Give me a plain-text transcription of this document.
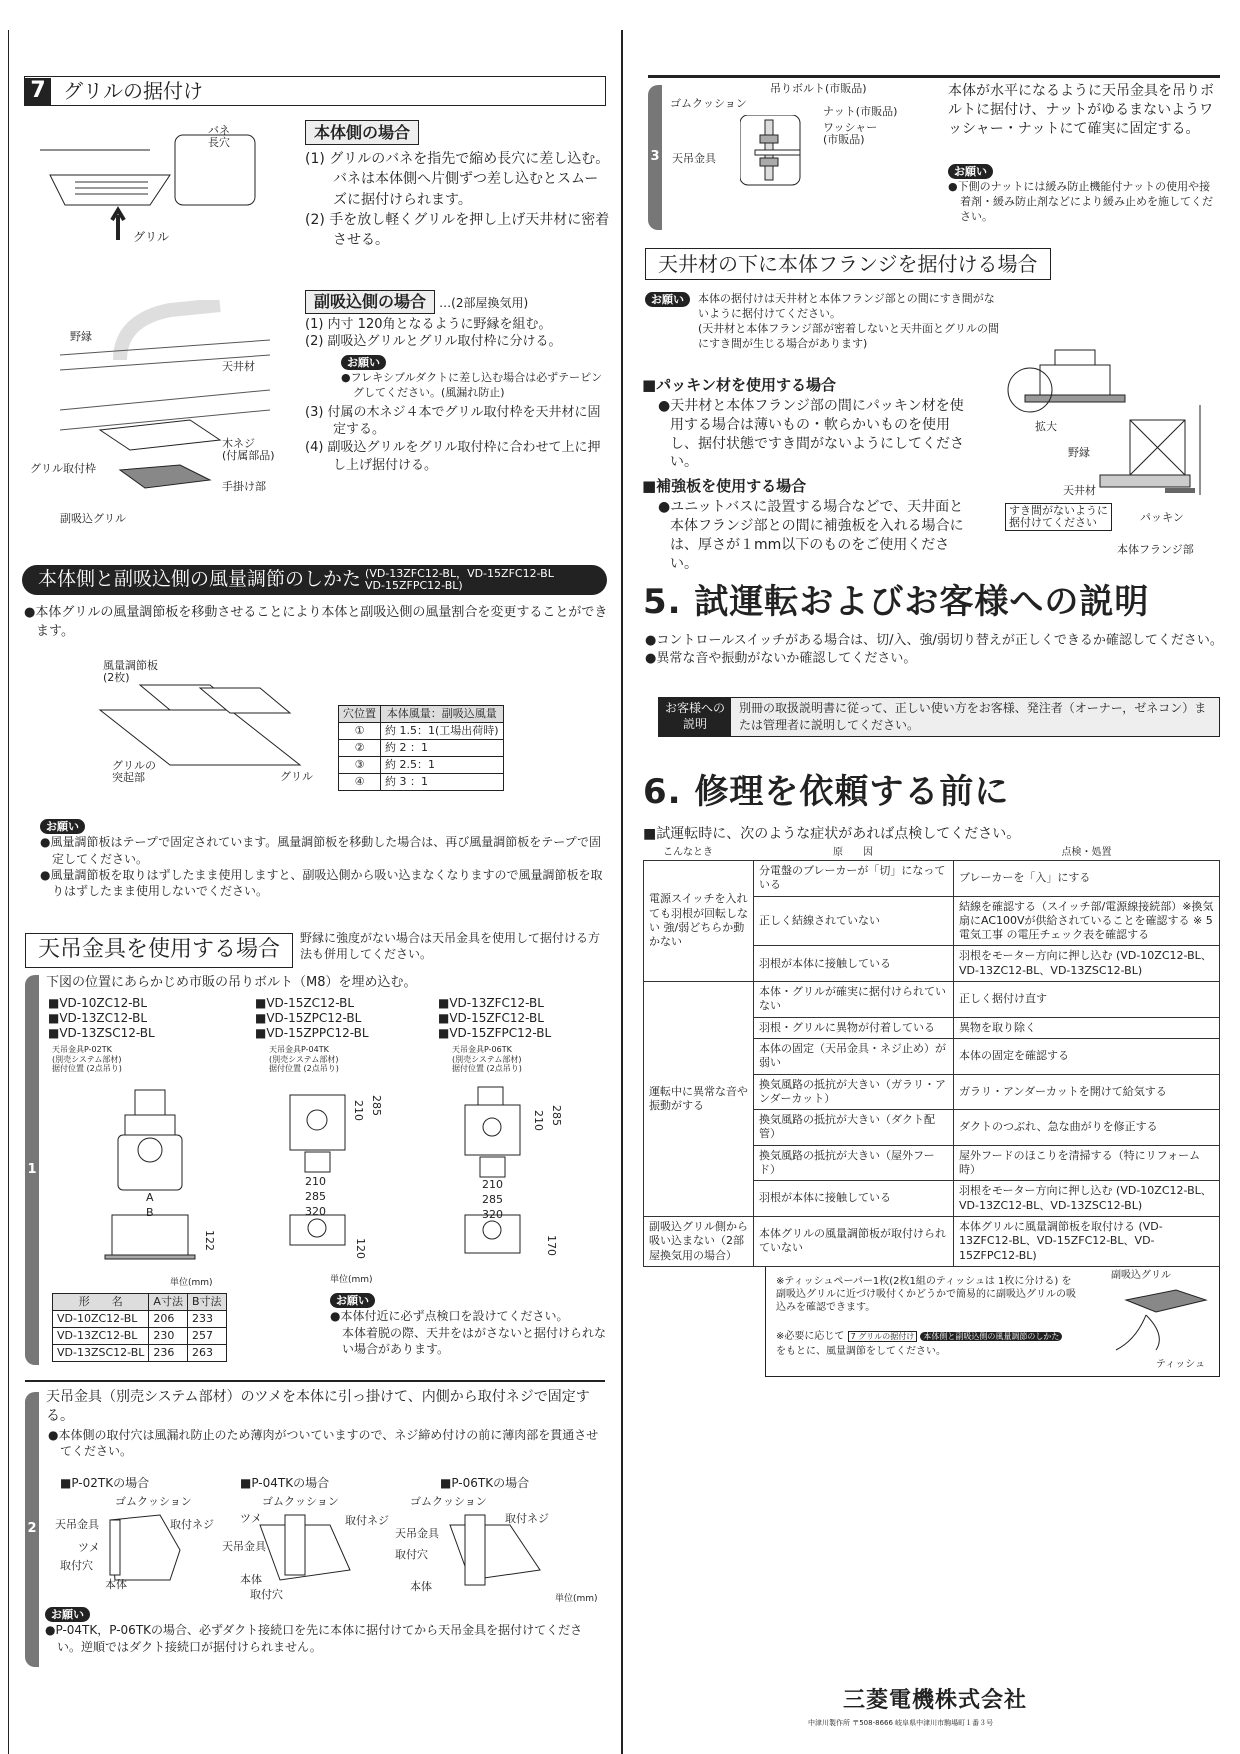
7 グリルの据付け
バネ
長穴
グリル
本体側の場合
(1) グリルのバネを指先で縮め長穴に差し込む。
バネは本体側へ片側ずつ差し込むとスムーズに据付けられます。
(2) 手を放し軽くグリルを押し上げ天井材に密着させる。
野縁
天井材
木ネジ
(付属部品)
グリル取付枠
手掛け部
副吸込グリル
副吸込側の場合 …(2部屋換気用)
(1) 内寸 120角となるように野縁を組む。
(2) 副吸込グリルとグリル取付枠に分ける。
お願い
●フレキシブルダクトに差し込む場合は必ずテーピングしてください。(風漏れ防止)
(3) 付属の木ネジ４本でグリル取付枠を天井材に固定する。
(4) 副吸込グリルをグリル取付枠に合わせて上に押し上げ据付ける。
本体側と副吸込側の風量調節のしかた (VD-13ZFC12-BL，VD-15ZFC12-BL
VD-15ZFPC12-BL)
●本体グリルの風量調節板を移動させることにより本体と副吸込側の風量割合を変更することができます。
風量調節板
(2枚)
グリルの
突起部	グリル
穴位置	本体風量：副吸込風量
①	約 1.5：1(工場出荷時)
②	約 2 ：1
③	約 2.5：1
④	約 3 ：1
お願い
●風量調節板はテープで固定されています。風量調節板を移動した場合は、再び風量調節板をテープで固定してください。
●風量調節板を取りはずしたまま使用しますと、副吸込側から吸い込まなくなりますので風量調節板を取りはずしたまま使用しないでください。
天吊金具を使用する場合	野縁に強度がない場合は天吊金具を使用して据付ける方法も併用してください。
1
下図の位置にあらかじめ市販の吊りボルト（M8）を埋め込む。
■VD-10ZC12-BL
■VD-13ZC12-BL
■VD-13ZSC12-BL
天吊金具P-02TK
(別売システム部材)
据付位置 (2点吊り)
■VD-15ZC12-BL
■VD-15ZPC12-BL
■VD-15ZPPC12-BL
天吊金具P-04TK
(別売システム部材)
据付位置 (2点吊り)
■VD-13ZFC12-BL
■VD-15ZFC12-BL
■VD-15ZFPC12-BL
天吊金具P-06TK
(別売システム部材)
据付位置 (2点吊り)
A
B
122
210 285
210
285
320
120
210 285
210
285
320
170
単位(mm)	単位(mm)
形　　名	A寸法	B寸法
VD-10ZC12-BL	206	233
VD-13ZC12-BL	230	257
VD-13ZSC12-BL	236	263
お願い
●本体付近に必ず点検口を設けてください。
本体着脱の際、天井をはがさないと据付けられない場合があります。
2
天吊金具（別売システム部材）のツメを本体に引っ掛けて、内側から取付ネジで固定する。
●本体側の取付穴は風漏れ防止のため薄肉がついていますので、ネジ締め付けの前に薄肉部を貫通させてください。
■P-02TKの場合	■P-04TKの場合	■P-06TKの場合
ゴムクッション
天吊金具	取付ネジ
ツメ
取付穴
本体
ゴムクッション
ツメ	取付ネジ
天吊金具
本体
取付穴
ゴムクッション
取付ネジ
天吊金具
取付穴
本体
単位(mm)
お願い
●P-04TK，P-06TKの場合、必ずダクト接続口を先に本体に据付けてから天吊金具を据付けてください。逆順ではダクト接続口が据付けられません。
3
ゴムクッション
吊りボルト(市販品)
ナット(市販品)
ワッシャー
(市販品)
天吊金具
本体が水平になるように天吊金具を吊りボルトに据付け、ナットがゆるまないようワッシャー・ナットにて確実に固定する。
お願い
●下側のナットには緩み防止機能付ナットの使用や接着剤・緩み防止剤などにより緩み止めを施してください。
天井材の下に本体フランジを据付ける場合
お願い	本体の据付けは天井材と本体フランジ部との間にすき間がないように据付けてください。
(天井材と本体フランジ部が密着しないと天井面とグリルの間にすき間が生じる場合があります)
■パッキン材を使用する場合
●天井材と本体フランジ部の間にパッキン材を使用する場合は薄いもの・軟らかいものを使用し、据付状態ですき間がないようにしてください。
■補強板を使用する場合
●ユニットバスに設置する場合などで、天井面と本体フランジ部との間に補強板を入れる場合には、厚さが１mm以下のものをご使用ください。
拡大
野縁
天井材
すき間がないように
据付けてください	パッキン
本体フランジ部
5. 試運転およびお客様への説明
●コントロールスイッチがある場合は、切/入、強/弱切り替えが正しくできるか確認してください。
●異常な音や振動がないか確認してください。
お客様への
説明
別冊の取扱説明書に従って、正しい使い方をお客様、発注者（オーナー，ゼネコン）または管理者に説明してください。
6. 修理を依頼する前に
■試運転時に、次のような症状があれば点検してください。
こんなとき	原　　因	点検・処置
電源スイッチを入れても羽根が回転しない 強/弱どちらか動かない	分電盤のブレーカーが「切」になっている	ブレーカーを「入」にする
	正しく結線されていない	結線を確認する（スイッチ部/電源線接続部）※換気扇にAC100Vが供給されていることを確認する ※ 5 電気工事 の電圧チェック表を確認する
	羽根が本体に接触している	羽根をモーター方向に押し込む (VD-10ZC12-BL、VD-13ZC12-BL、VD-13ZSC12-BL)
運転中に異常な音や振動がする	本体・グリルが確実に据付けられていない	正しく据付け直す
	羽根・グリルに異物が付着している	異物を取り除く
	本体の固定（天吊金具・ネジ止め）が弱い	本体の固定を確認する
	換気風路の抵抗が大きい（ガラリ・アンダーカット）	ガラリ・アンダーカットを開けて給気する
	換気風路の抵抗が大きい（ダクト配管）	ダクトのつぶれ、急な曲がりを修正する
	換気風路の抵抗が大きい（屋外フード）	屋外フードのほこりを清掃する（特にリフォーム時）
	羽根が本体に接触している	羽根をモーター方向に押し込む (VD-10ZC12-BL、VD-13ZC12-BL、VD-13ZSC12-BL)
副吸込グリル側から吸い込まない（2部屋換気用の場合）	本体グリルの風量調節板が取付けられていない	本体グリルに風量調節板を取付ける (VD-13ZFC12-BL、VD-15ZFC12-BL、VD-15ZFPC12-BL)
※ティッシュペーパー1枚(2枚1組のティッシュは 1枚に分ける) を副吸込グリルに近づけ吸付くかどうかで簡易的に副吸込グリルの吸込みを確認できます。
※必要に応じて 7 グリルの据付け 本体側と副吸込側の風量調節のしかた
をもとに、風量調節をしてください。
副吸込グリル
ティッシュ
三菱電機株式会社
中津川製作所 〒508-8666 岐阜県中津川市駒場町１番３号
